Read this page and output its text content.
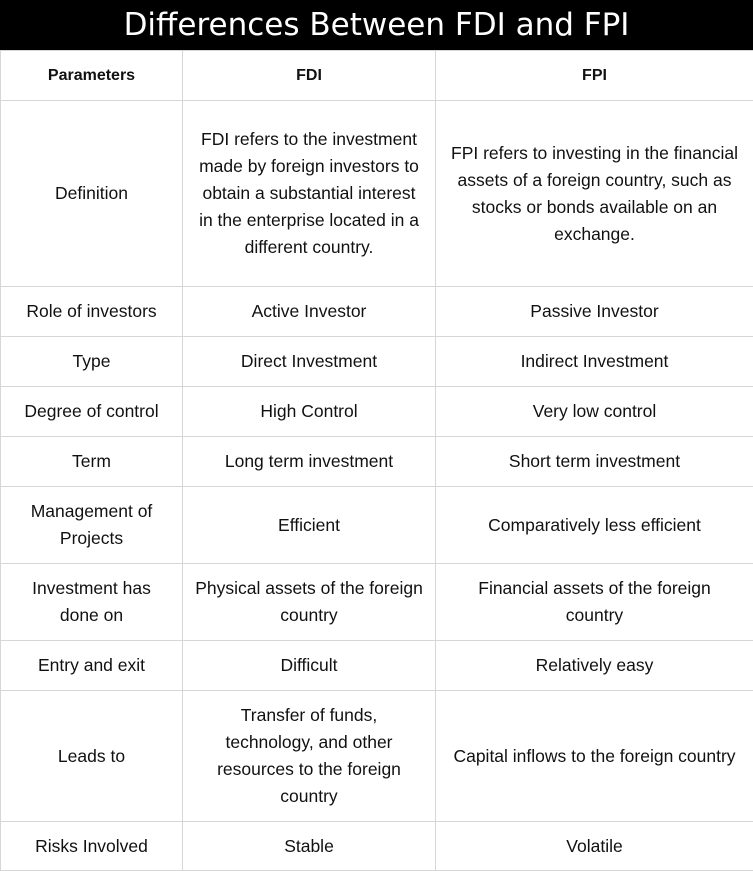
Differences Between FDI and FPI
Parameters	FDI	FPI
Definition	FDI refers to the investment made by foreign investors to obtain a substantial interest in the enterprise located in a different country.	FPI refers to investing in the financial assets of a foreign country, such as stocks or bonds available on an exchange.
Role of investors	Active Investor	Passive Investor
Type	Direct Investment	Indirect Investment
Degree of control	High Control	Very low control
Term	Long term investment	Short term investment
Management of Projects	Efficient	Comparatively less efficient
Investment has done on	Physical assets of the foreign country	Financial assets of the foreign country
Entry and exit	Difficult	Relatively easy
Leads to	Transfer of funds, technology, and other resources to the foreign country	Capital inflows to the foreign country
Risks Involved	Stable	Volatile
